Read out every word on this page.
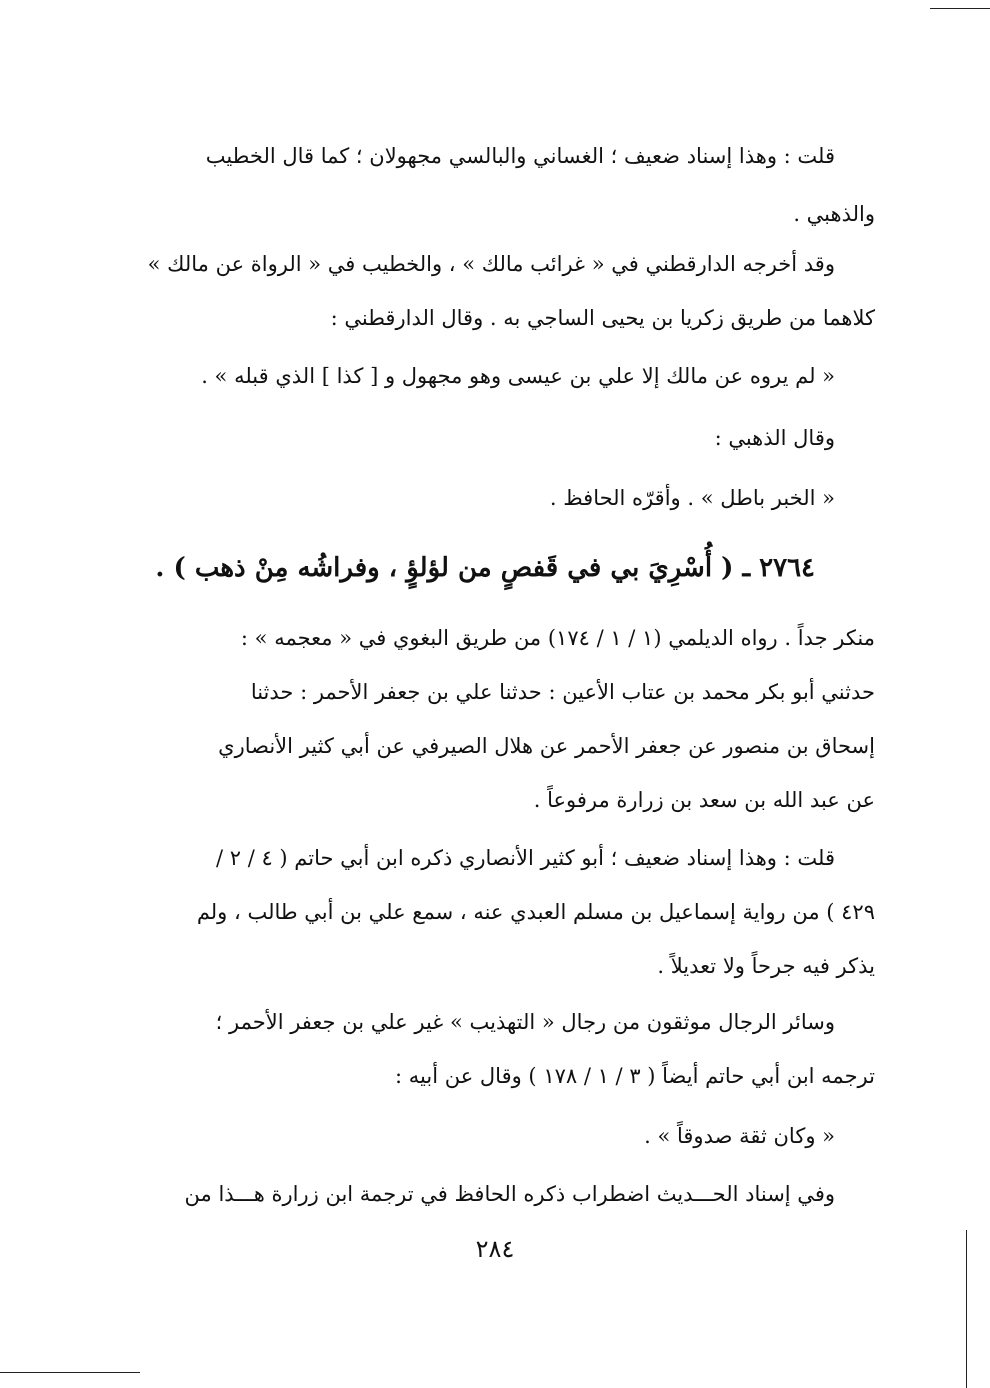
قلت : وهذا إسناد ضعيف ؛ الغساني والبالسي مجهولان ؛ كما قال الخطيب
والذهبي .
وقد أخرجه الدارقطني في « غرائب مالك » ، والخطيب في « الرواة عن مالك »
كلاهما من طريق زكريا بن يحيى الساجي به . وقال الدارقطني :
« لم يروه عن مالك إلا علي بن عيسى وهو مجهول و [ كذا ] الذي قبله » .
وقال الذهبي :
« الخبر باطل » . وأقرّه الحافظ .
٢٧٦٤ ـ ( أُسْرِيَ بي في قَفصٍ من لؤلؤٍ ، وفراشُه مِنْ ذهب ) .
منكر جداً . رواه الديلمي (١ / ١ / ١٧٤) من طريق البغوي في « معجمه » :
حدثني أبو بكر محمد بن عتاب الأعين : حدثنا علي بن جعفر الأحمر : حدثنا
إسحاق بن منصور عن جعفر الأحمر عن هلال الصيرفي عن أبي كثير الأنصاري
عن عبد الله بن سعد بن زرارة مرفوعاً .
قلت : وهذا إسناد ضعيف ؛ أبو كثير الأنصاري ذكره ابن أبي حاتم ( ٤ / ٢ /
٤٢٩ ) من رواية إسماعيل بن مسلم العبدي عنه ، سمع علي بن أبي طالب ، ولم
يذكر فيه جرحاً ولا تعديلاً .
وسائر الرجال موثقون من رجال « التهذيب » غير علي بن جعفر الأحمر ؛
ترجمه ابن أبي حاتم أيضاً ( ٣ / ١ / ١٧٨ ) وقال عن أبيه :
« وكان ثقة صدوقاً » .
وفي إسناد الحـــديث اضطراب ذكره الحافظ في ترجمة ابن زرارة هـــذا من
٢٨٤
